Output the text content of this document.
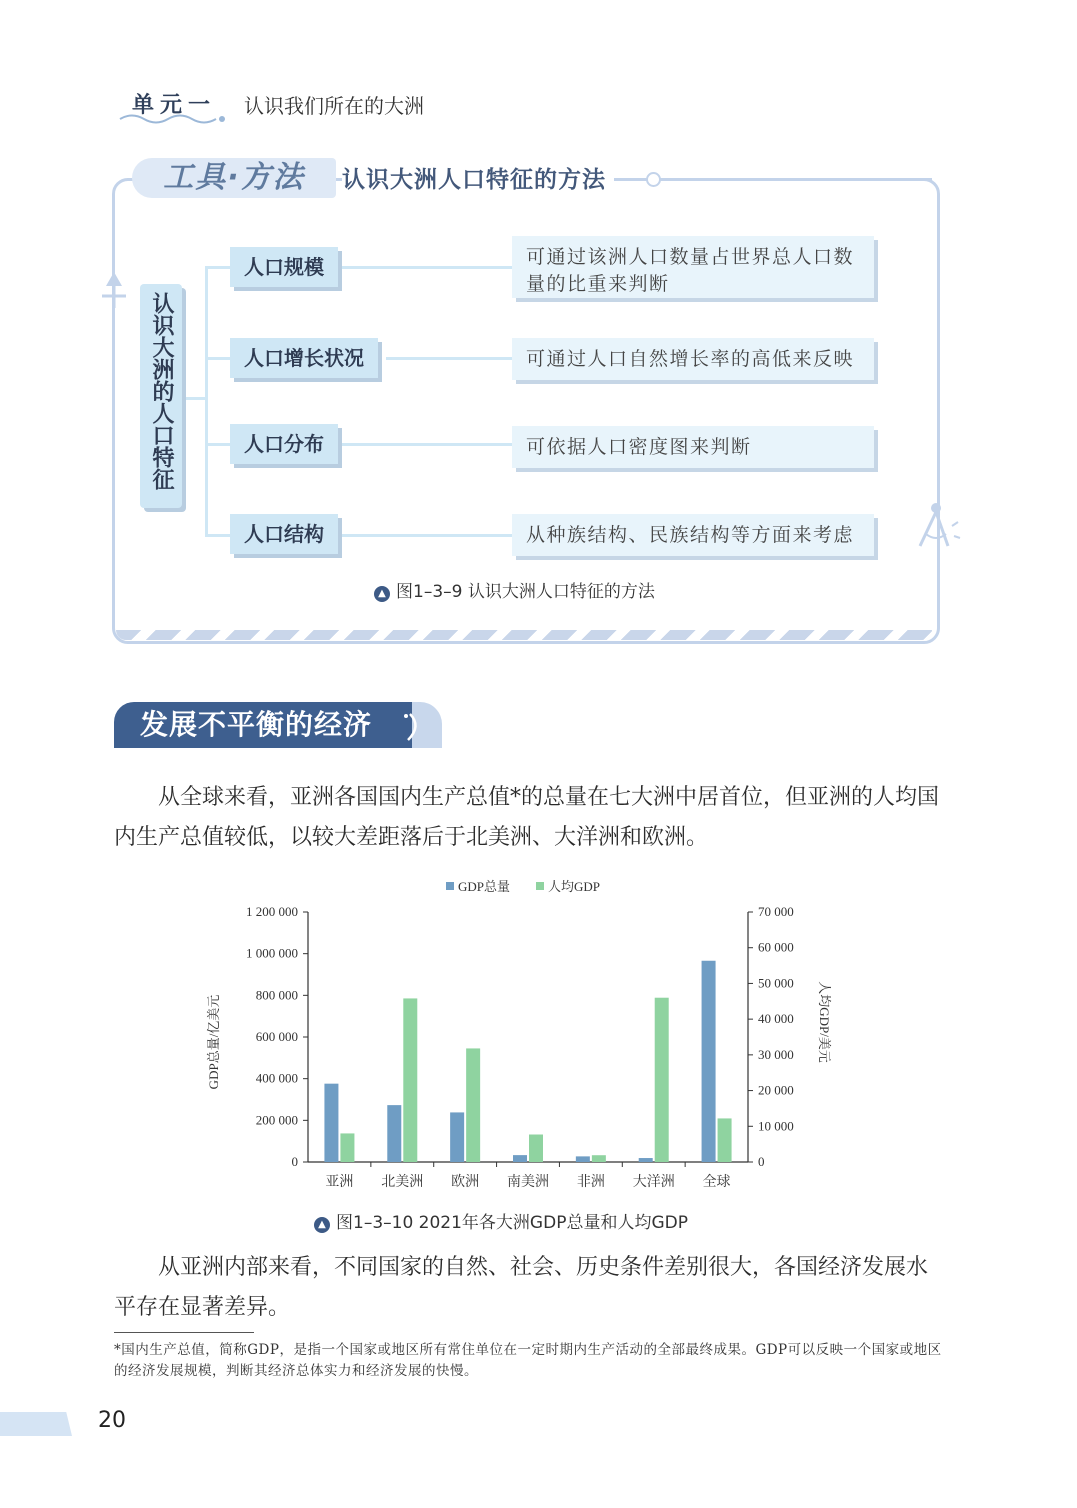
单元一 认识我们所在的大洲
工具·方法	认识大洲人口特征的方法
认识大洲的人口特征
人口规模
人口增长状况
人口分布
人口结构
可通过该洲人口数量占世界总人口数量的比重来判断
可通过人口自然增长率的高低来反映
可依据人口密度图来判断
从种族结构、民族结构等方面来考虑
▲ 图1–3–9 认识大洲人口特征的方法
发展不平衡的经济
从全球来看，亚洲各国国内生产总值*的总量在七大洲中居首位，但亚洲的人均国内生产总值较低，以较大差距落后于北美洲、大洋洲和欧洲。
GDP总量	人均GDP
0
200 000
400 000
600 000
800 000
1 000 000
1 200 000
0
10 000
20 000
30 000
40 000
50 000
60 000
70 000
亚洲 北美洲 欧洲 南美洲 非洲 大洋洲 全球
GDP总量/亿美元	人均GDP/美元
▲ 图1–3–10 2021年各大洲GDP总量和人均GDP
从亚洲内部来看，不同国家的自然、社会、历史条件差别很大，各国经济发展水平存在显著差异。
*国内生产总值，简称GDP，是指一个国家或地区所有常住单位在一定时期内生产活动的全部最终成果。GDP可以反映一个国家或地区的经济发展规模，判断其经济总体实力和经济发展的快慢。
20
